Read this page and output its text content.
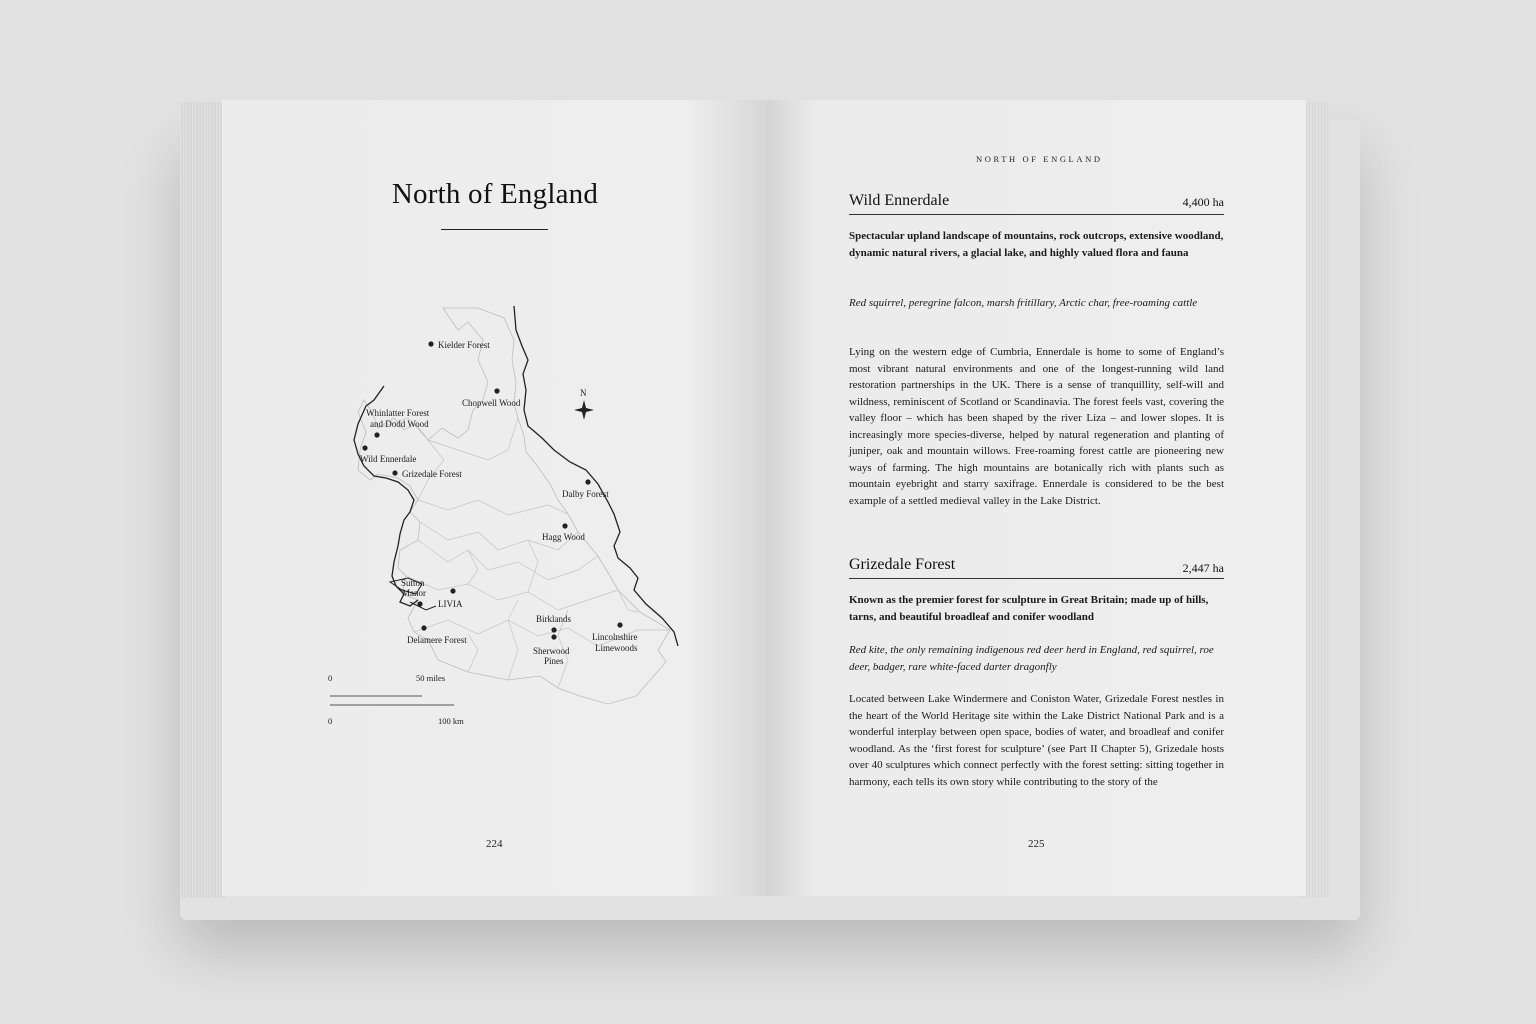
North of England
N
Kielder Forest
Chopwell Wood
Whinlatter Forest
and Dodd Wood
Wild Ennerdale
Grizedale Forest
Dalby Forest
Hagg Wood
Sutton
Manor
LIVIA
Delamere Forest
Birklands
Sherwood
Pines
Lincolnshire
Limewoods
0	50 miles
0	100 km
224
NORTH OF ENGLAND
Wild Ennerdale	4,400 ha

Spectacular upland landscape of mountains, rock outcrops, extensive woodland, dynamic natural rivers, a glacial lake, and highly valued flora and fauna

Red squirrel, peregrine falcon, marsh fritillary, Arctic char, free-roaming cattle

Lying on the western edge of Cumbria, Ennerdale is home to some of England’s most vibrant natural environments and one of the longest-running wild land restoration partnerships in the UK. There is a sense of tranquillity, self-will and wildness, reminiscent of Scotland or Scandinavia. The forest feels vast, covering the valley floor – which has been shaped by the river Liza – and lower slopes. It is increasingly more species-diverse, helped by natural regeneration and planting of juniper, oak and mountain willows. Free-roaming forest cattle are pioneering new ways of farming. The high mountains are botanically rich with plants such as mountain eyebright and starry saxifrage. Ennerdale is considered to be the best example of a settled medieval valley in the Lake District.

Grizedale Forest	2,447 ha

Known as the premier forest for sculpture in Great Britain; made up of hills, tarns, and beautiful broadleaf and conifer woodland

Red kite, the only remaining indigenous red deer herd in England, red squirrel, roe deer, badger, rare white-faced darter dragonfly

Located between Lake Windermere and Coniston Water, Grizedale Forest nestles in the heart of the World Heritage site within the Lake District National Park and is a wonderful interplay between open space, bodies of water, and broadleaf and conifer woodland. As the ‘first forest for sculpture’ (see Part II Chapter 5), Grizedale hosts over 40 sculptures which connect perfectly with the forest setting: sitting together in harmony, each tells its own story while contributing to the story of the

225
